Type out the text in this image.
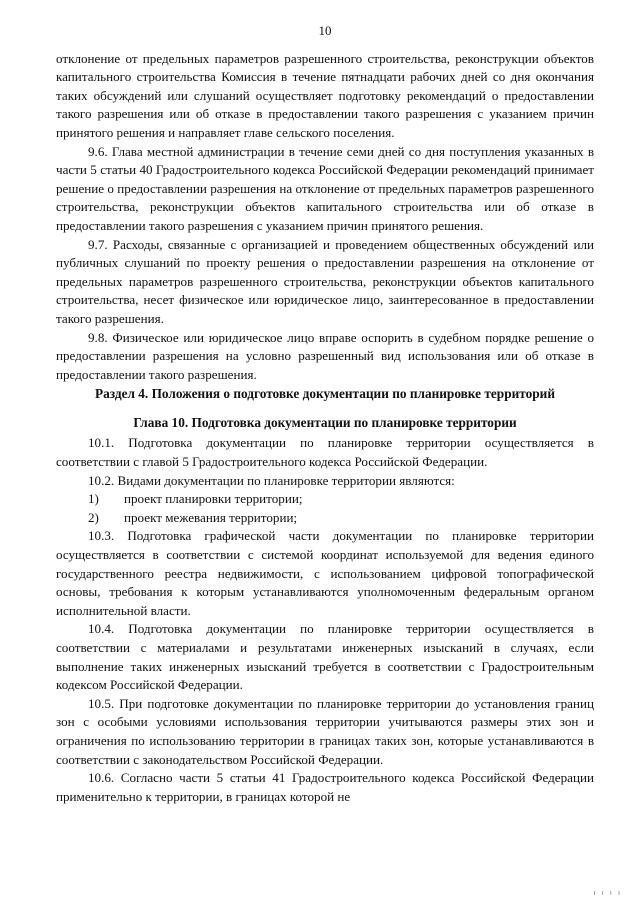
10

отклонение от предельных параметров разрешенного строительства, реконструкции объектов капитального строительства Комиссия в течение пятнадцати рабочих дней со дня окончания таких обсуждений или слушаний осуществляет подготовку рекомендаций о предоставлении такого разрешения или об отказе в предоставлении такого разрешения с указанием причин принятого решения и направляет главе сельского поселения.

9.6. Глава местной администрации в течение семи дней со дня поступления указанных в части 5 статьи 40 Градостроительного кодекса Российской Федерации рекомендаций принимает решение о предоставлении разрешения на отклонение от предельных параметров разрешенного строительства, реконструкции объектов капитального строительства или об отказе в предоставлении такого разрешения с указанием причин принятого решения.

9.7. Расходы, связанные с организацией и проведением общественных обсуждений или публичных слушаний по проекту решения о предоставлении разрешения на отклонение от предельных параметров разрешенного строительства, реконструкции объектов капитального строительства, несет физическое или юридическое лицо, заинтересованное в предоставлении такого разрешения.

9.8. Физическое или юридическое лицо вправе оспорить в судебном порядке решение о предоставлении разрешения на условно разрешенный вид использования или об отказе в предоставлении такого разрешения.

Раздел 4. Положения о подготовке документации по планировке территорий
Глава 10. Подготовка документации по планировке территории

10.1. Подготовка документации по планировке территории осуществляется в соответствии с главой 5 Градостроительного кодекса Российской Федерации.

10.2. Видами документации по планировке территории являются:

1)	проект планировки территории;
2)	проект межевания территории;

10.3. Подготовка графической части документации по планировке территории осуществляется в соответствии с системой координат используемой для ведения единого государственного реестра недвижимости, с использованием цифровой топографической основы, требования к которым устанавливаются уполномоченным федеральным органом исполнительной власти.

10.4. Подготовка документации по планировке территории осуществляется в соответствии с материалами и результатами инженерных изысканий в случаях, если выполнение таких инженерных изысканий требуется в соответствии с Градостроительным кодексом Российской Федерации.

10.5. При подготовке документации по планировке территории до установления границ зон с особыми условиями использования территории учитываются размеры этих зон и ограничения по использованию территории в границах таких зон, которые устанавливаются в соответствии с законодательством Российской Федерации.

10.6. Согласно части 5 статьи 41 Градостроительного кодекса Российской Федерации применительно к территории, в границах которой не

ı ı ı ı
